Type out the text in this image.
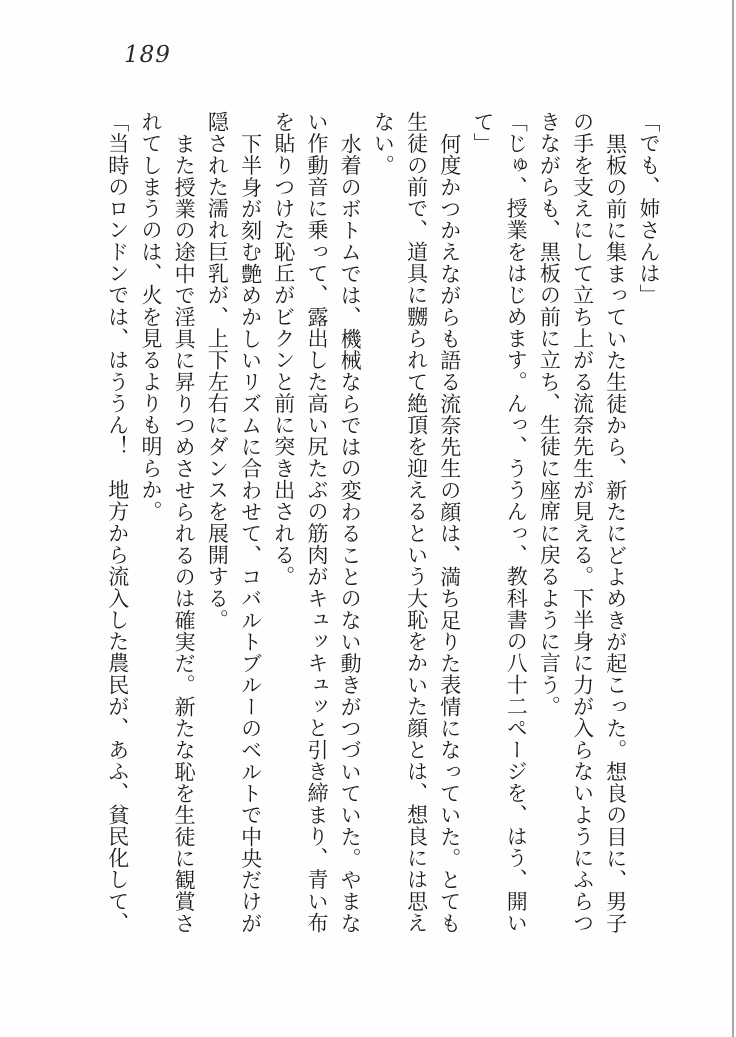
189

「でも、姉さんは」

黒板の前に集まっていた生徒から、新たにどよめきが起こった。想良の目に、男子の手を支えにして立ち上がる流奈先生が見える。下半身に力が入らないようにふらつきながらも、黒板の前に立ち、生徒に座席に戻るように言う。

「じゅ、授業をはじめます。んっ、ううんっ、教科書の八十二ページを、はう、開いて」

何度かつかえながらも語る流奈先生の顔は、満ち足りた表情になっていた。とても生徒の前で、道具に嬲られて絶頂を迎えるという大恥をかいた顔とは、想良には思えない。

水着のボトムでは、機械ならではの変わることのない動きがつづいていた。やまない作動音に乗って、露出した高い尻たぶの筋肉がキュッキュッと引き締まり、青い布を貼りつけた恥丘がビクンと前に突き出される。

下半身が刻む艶めかしいリズムに合わせて、コバルトブルーのベルトで中央だけが隠された濡れ巨乳が、上下左右にダンスを展開する。

また授業の途中で淫具に昇りつめさせられるのは確実だ。新たな恥を生徒に観賞されてしまうのは、火を見るよりも明らか。

「当時のロンドンでは、はううん！　地方から流入した農民が、あふ、貧民化して、
